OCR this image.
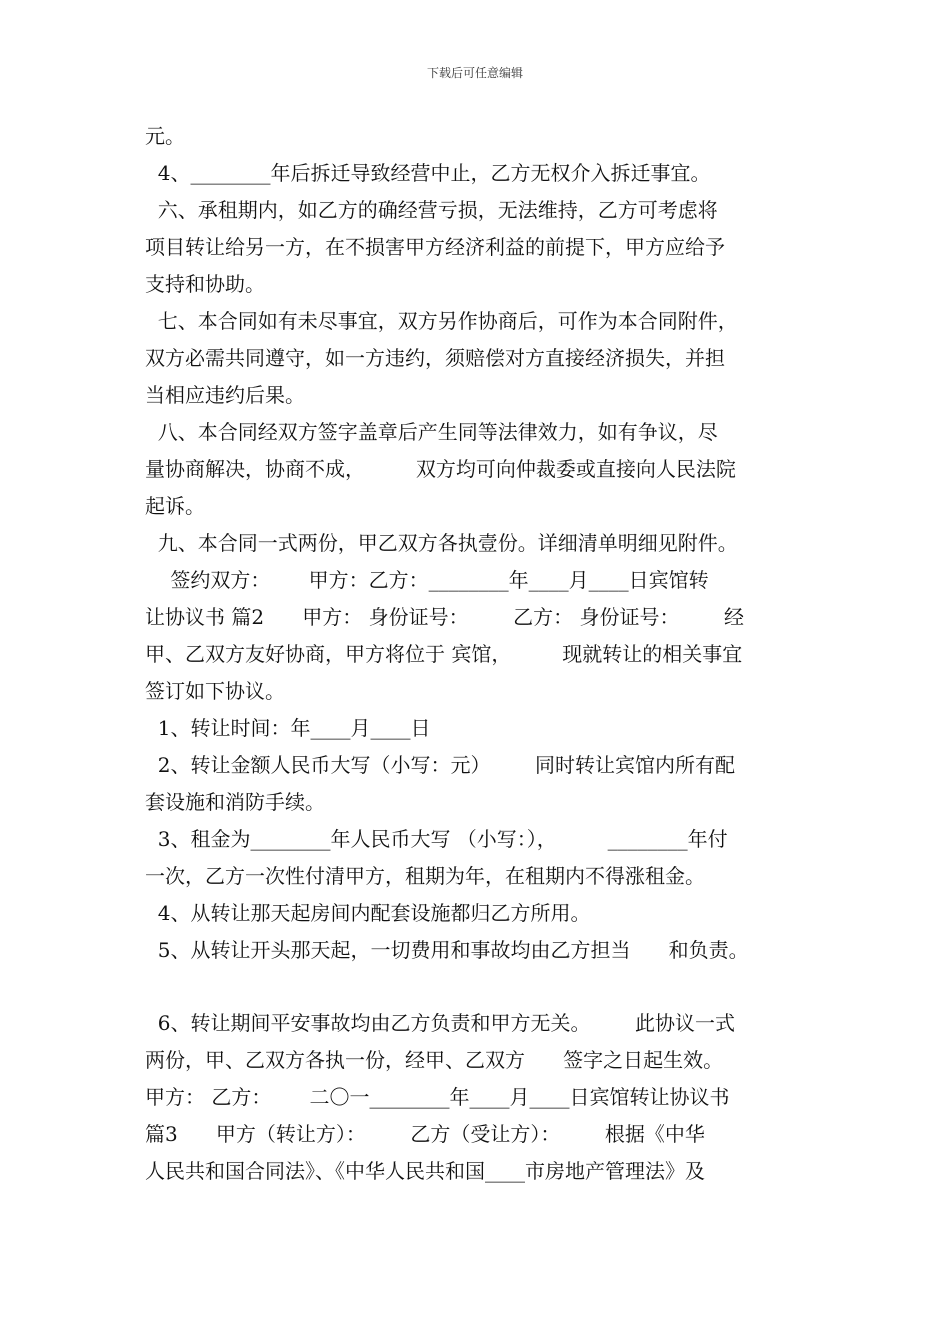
下载后可任意编辑
元。
4、________年后拆迁导致经营中止，乙方无权介入拆迁事宜。
六、承租期内，如乙方的确经营亏损，无法维持，乙方可考虑将
项目转让给另一方，在不损害甲方经济利益的前提下，甲方应给予
支持和协助。
七、本合同如有未尽事宜，双方另作协商后，可作为本合同附件，
双方必需共同遵守，如一方违约，须赔偿对方直接经济损失，并担
当相应违约后果。
八、本合同经双方签字盖章后产生同等法律效力，如有争议，尽
量协商解决，协商不成，        双方均可向仲裁委或直接向人民法院
起诉。
九、本合同一式两份，甲乙双方各执壹份。详细清单明细见附件。
签约双方：      甲方：乙方：________年____月____日宾馆转
让协议书 篇2      甲方： 身份证号：       乙方： 身份证号：       经
甲、乙双方友好协商，甲方将位于 宾馆，        现就转让的相关事宜
签订如下协议。
1、转让时间：年____月____日
2、转让金额人民币大写（小写：元）       同时转让宾馆内所有配
套设施和消防手续。
3、租金为________年人民币大写 （小写：），        ________年付
一次，乙方一次性付清甲方，租期为年，在租期内不得涨租金。
4、从转让那天起房间内配套设施都归乙方所用。
5、从转让开头那天起，一切费用和事故均由乙方担当      和负责。
6、转让期间平安事故均由乙方负责和甲方无关。       此协议一式
两份，甲、乙双方各执一份，经甲、乙双方      签字之日起生效。
甲方： 乙方：      二〇一________年____月____日宾馆转让协议书
篇3      甲方（转让方）：       乙方（受让方）：       根据《中华
人民共和国合同法》、《中华人民共和国____市房地产管理法》及
